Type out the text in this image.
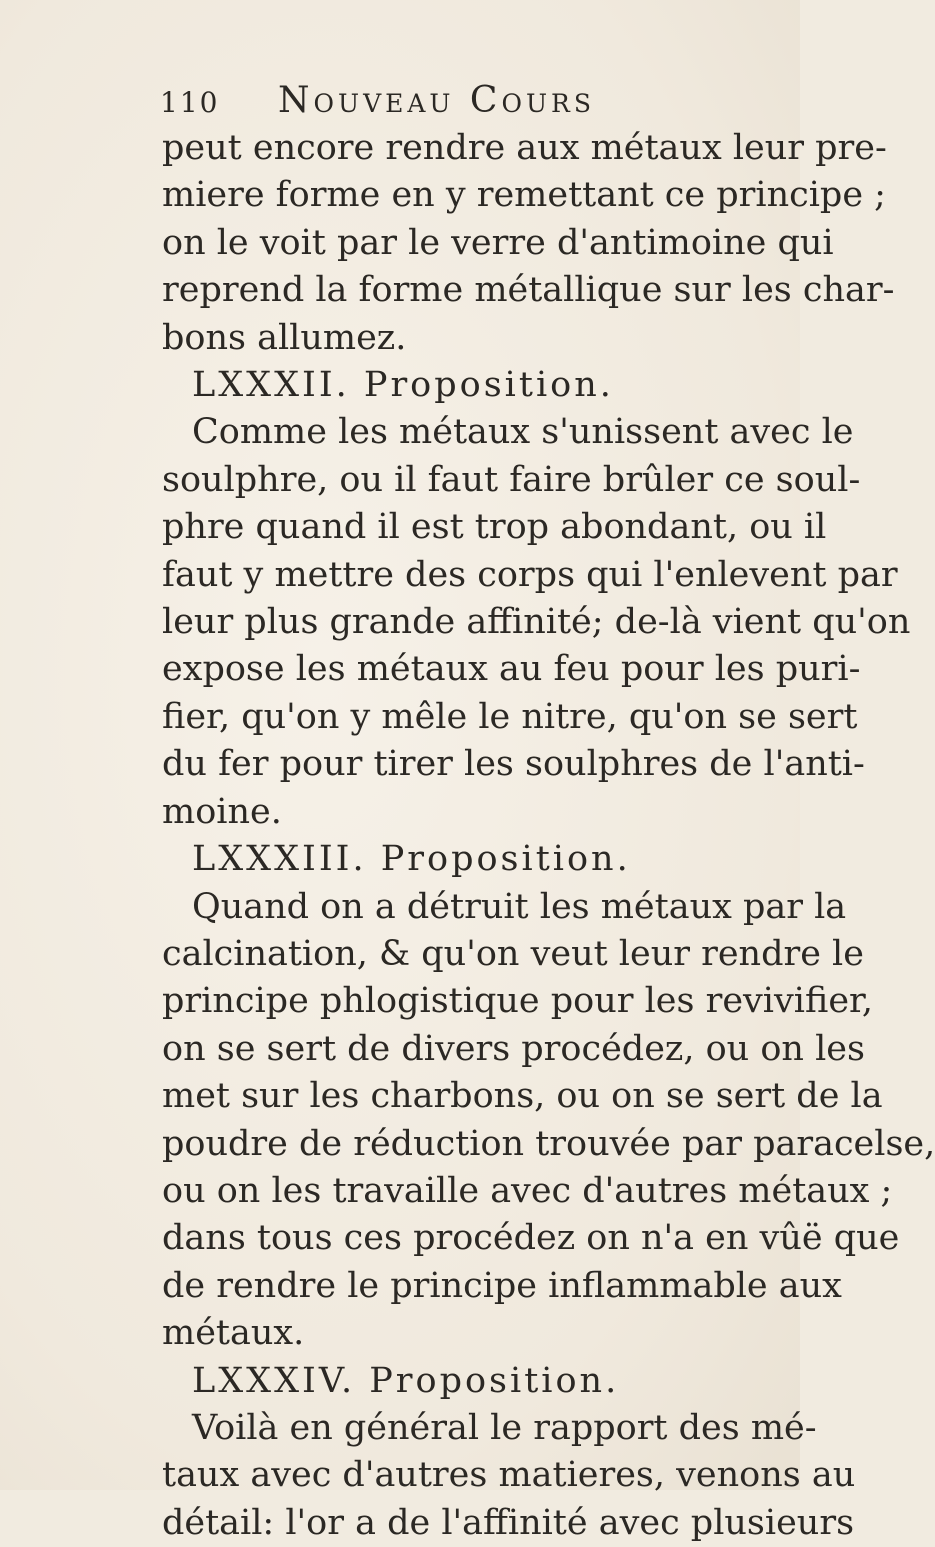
110 Nouveau Cours
peut encore rendre aux métaux leur pre-
miere forme en y remettant ce principe ;
on le voit par le verre d'antimoine qui
reprend la forme métallique sur les char-
bons allumez.
LXXXII. Proposition.
Comme les métaux s'unissent avec le
soulphre, ou il faut faire brûler ce soul-
phre quand il est trop abondant, ou il
faut y mettre des corps qui l'enlevent par
leur plus grande affinité; de-là vient qu'on
expose les métaux au feu pour les puri-
fier, qu'on y mêle le nitre, qu'on se sert
du fer pour tirer les soulphres de l'anti-
moine.
LXXXIII. Proposition.
Quand on a détruit les métaux par la
calcination, & qu'on veut leur rendre le
principe phlogistique pour les revivifier,
on se sert de divers procédez, ou on les
met sur les charbons, ou on se sert de la
poudre de réduction trouvée par paracelse,
ou on les travaille avec d'autres métaux ;
dans tous ces procédez on n'a en vûë que
de rendre le principe inflammable aux
métaux.
LXXXIV. Proposition.
Voilà en général le rapport des mé-
taux avec d'autres matieres, venons au
détail: l'or a de l'affinité avec plusieurs
